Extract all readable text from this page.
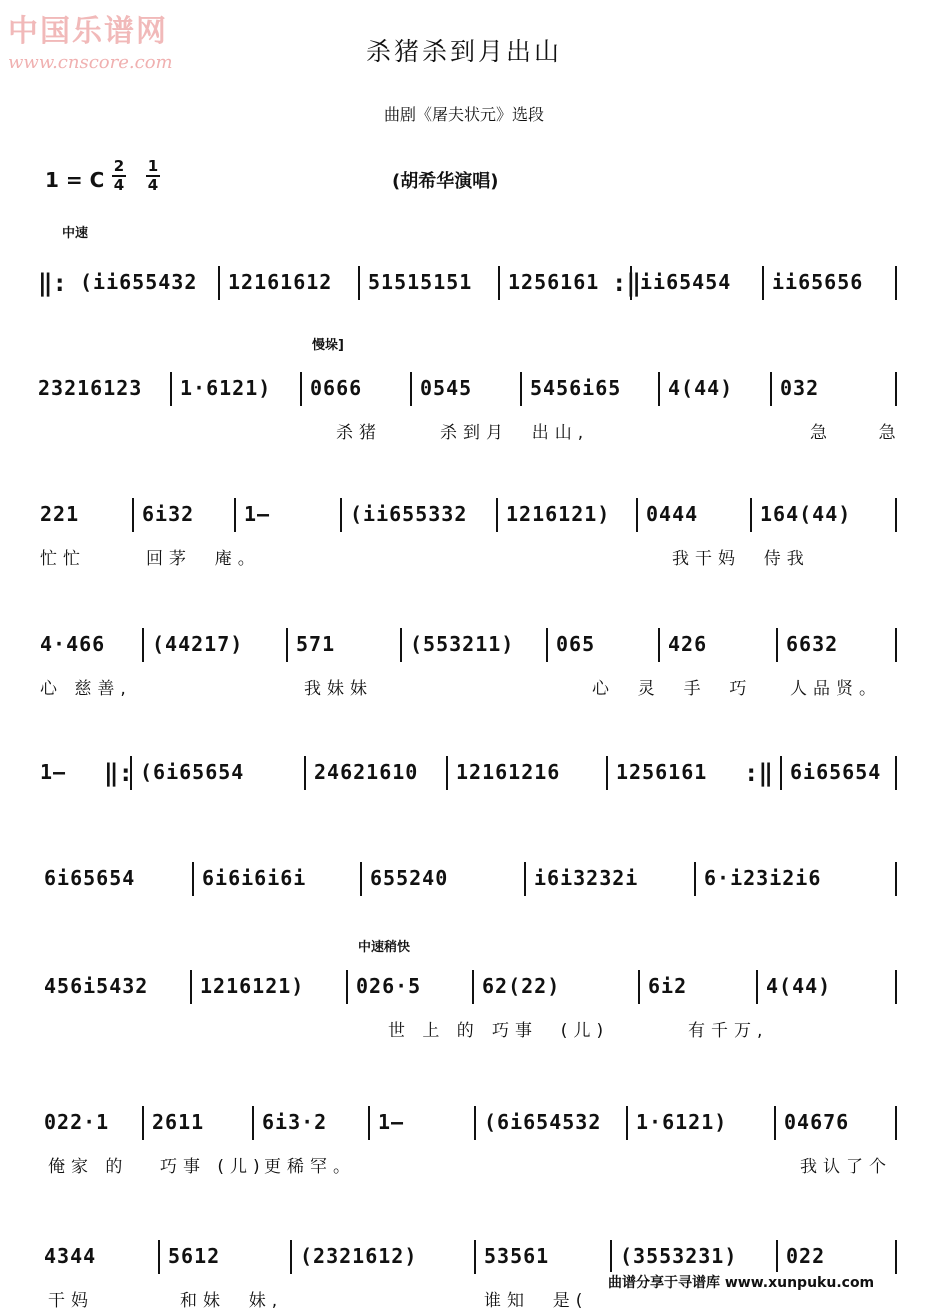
中国乐谱网
www.cnscore.com	杀猪杀到月出山
曲剧《屠夫状元》选段
1 = C $\frac{2}{4} \frac{1}{4}$	(胡希华演唱)
中速
慢垛]
中速稍快
(ii655432 12161612 51515151 1256161 ii65454 ii65656
‖:	:‖
23216123 1·6121) 0666	0545	5456i65 4(44) 032
杀猪	杀到月  出山,	急    急
221	6i32 1–	(ii655332 1216121) 0444	164(44)
忙忙	回茅  庵。	我干妈  侍我
4·466 (44217)	571	(553211) 065	426	6632
心 慈善,	我妹妹	心  灵  手  巧 人品贤。
1–	(6i65654	24621610 12161216	1256161	6i65654
‖:	:‖
6i65654	6i6i6i6i	655240	i6i3232i	6·i23i2i6
456i5432	1216121)	026·5	62(22)	6i2	4(44)
世 上 的 巧事  (儿)	有千万,
022·1 2611	6i3·2	1–	(6i654532 1·6121)	04676
俺家 的 巧事 (儿)
更稀罕。	我认了个
4344	5612	(2321612)	53561	(3553231) 022
干妈	和妹  妹,	谁知  是(
曲谱分享于寻谱库 www.xunpuku.com
